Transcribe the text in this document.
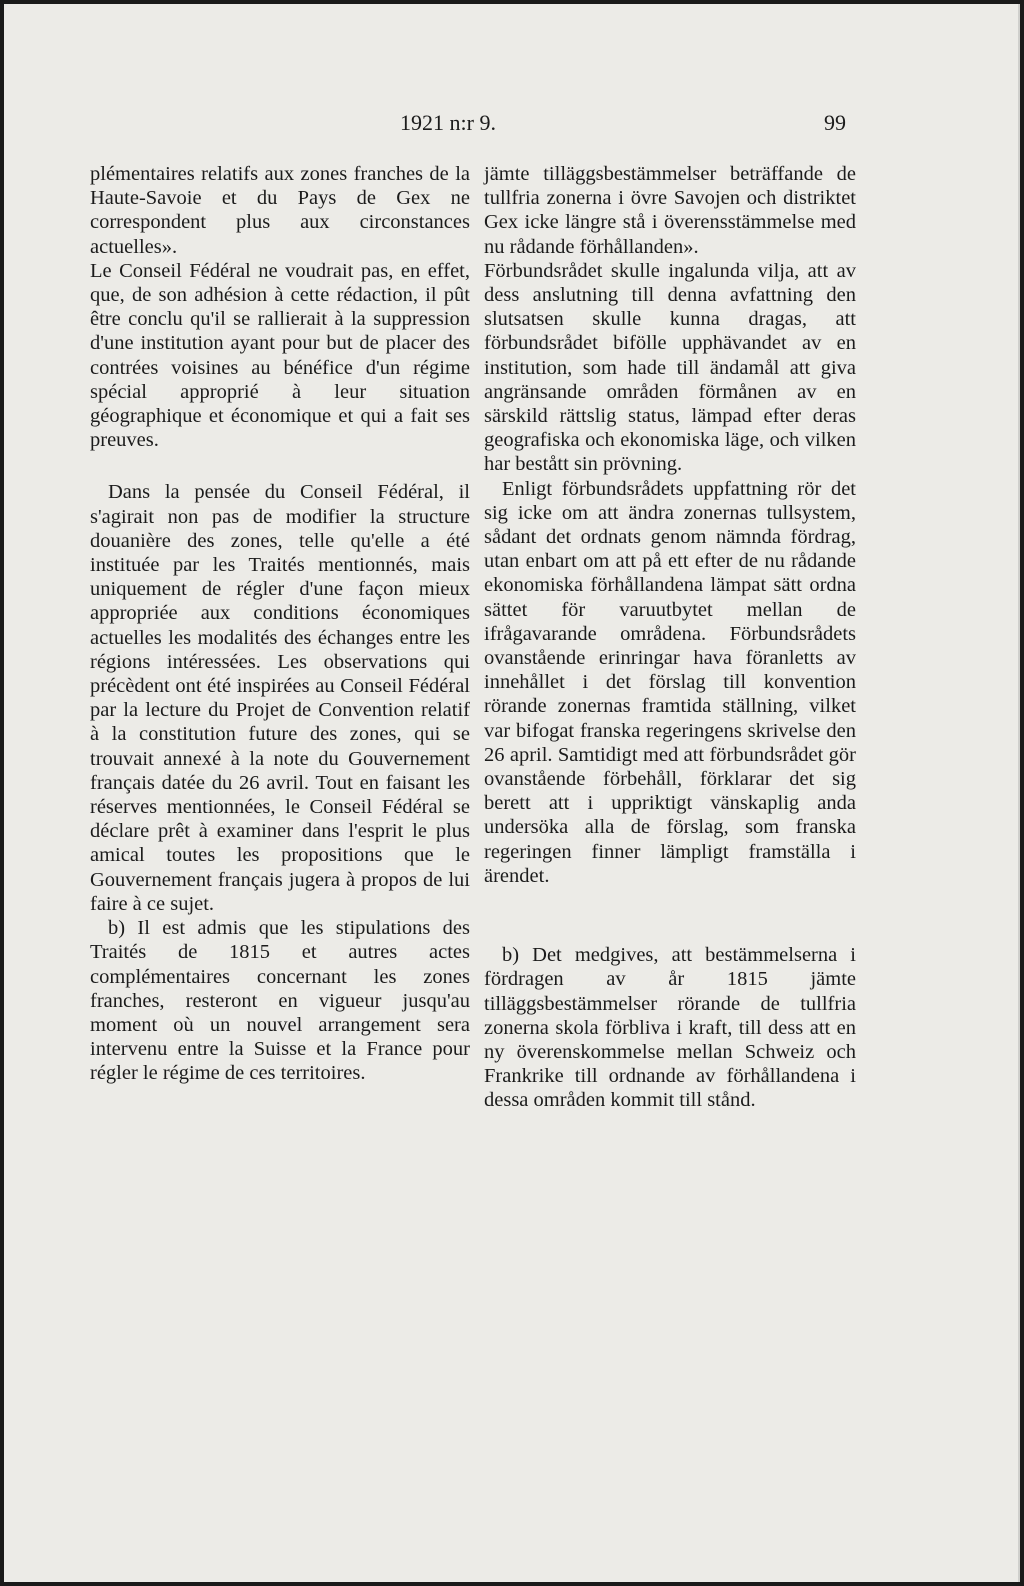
1921 n:r 9.	99

plémentaires relatifs aux zones franches de la Haute-Savoie et du Pays de Gex ne correspondent plus aux circonstances actuelles».

Le Conseil Fédéral ne voudrait pas, en effet, que, de son adhésion à cette rédaction, il pût être conclu qu'il se rallierait à la suppression d'une institution ayant pour but de placer des contrées voisines au bénéfice d'un régime spécial approprié à leur situation géographique et économique et qui a fait ses preuves.

Dans la pensée du Conseil Fédéral, il s'agirait non pas de modifier la structure douanière des zones, telle qu'elle a été instituée par les Traités mentionnés, mais uniquement de régler d'une façon mieux appropriée aux conditions économiques actuelles les modalités des échanges entre les régions intéressées. Les observations qui précèdent ont été inspirées au Conseil Fédéral par la lecture du Projet de Convention relatif à la constitution future des zones, qui se trouvait annexé à la note du Gouvernement français datée du 26 avril. Tout en faisant les réserves mentionnées, le Conseil Fédéral se déclare prêt à examiner dans l'esprit le plus amical toutes les propositions que le Gouvernement français jugera à propos de lui faire à ce sujet.

b) Il est admis que les stipulations des Traités de 1815 et autres actes complémentaires concernant les zones franches, resteront en vigueur jusqu'au moment où un nouvel arrangement sera intervenu entre la Suisse et la France pour régler le régime de ces territoires.

jämte tilläggsbestämmelser beträffande de tullfria zonerna i övre Savojen och distriktet Gex icke längre stå i överensstämmelse med nu rådande förhållanden».

Förbundsrådet skulle ingalunda vilja, att av dess anslutning till denna avfattning den slutsatsen skulle kunna dragas, att förbundsrådet bifölle upphävandet av en institution, som hade till ändamål att giva angränsande områden förmånen av en särskild rättslig status, lämpad efter deras geografiska och ekonomiska läge, och vilken har bestått sin prövning.

Enligt förbundsrådets uppfattning rör det sig icke om att ändra zonernas tullsystem, sådant det ordnats genom nämnda fördrag, utan enbart om att på ett efter de nu rådande ekonomiska förhållandena lämpat sätt ordna sättet för varuutbytet mellan de ifrågavarande områdena. Förbundsrådets ovanstående erinringar hava föranletts av innehållet i det förslag till konvention rörande zonernas framtida ställning, vilket var bifogat franska regeringens skrivelse den 26 april. Samtidigt med att förbundsrådet gör ovanstående förbehåll, förklarar det sig berett att i uppriktigt vänskaplig anda undersöka alla de förslag, som franska regeringen finner lämpligt framställa i ärendet.

b) Det medgives, att bestämmelserna i fördragen av år 1815 jämte tilläggsbestämmelser rörande de tullfria zonerna skola förbliva i kraft, till dess att en ny överenskommelse mellan Schweiz och Frankrike till ordnande av förhållandena i dessa områden kommit till stånd.
